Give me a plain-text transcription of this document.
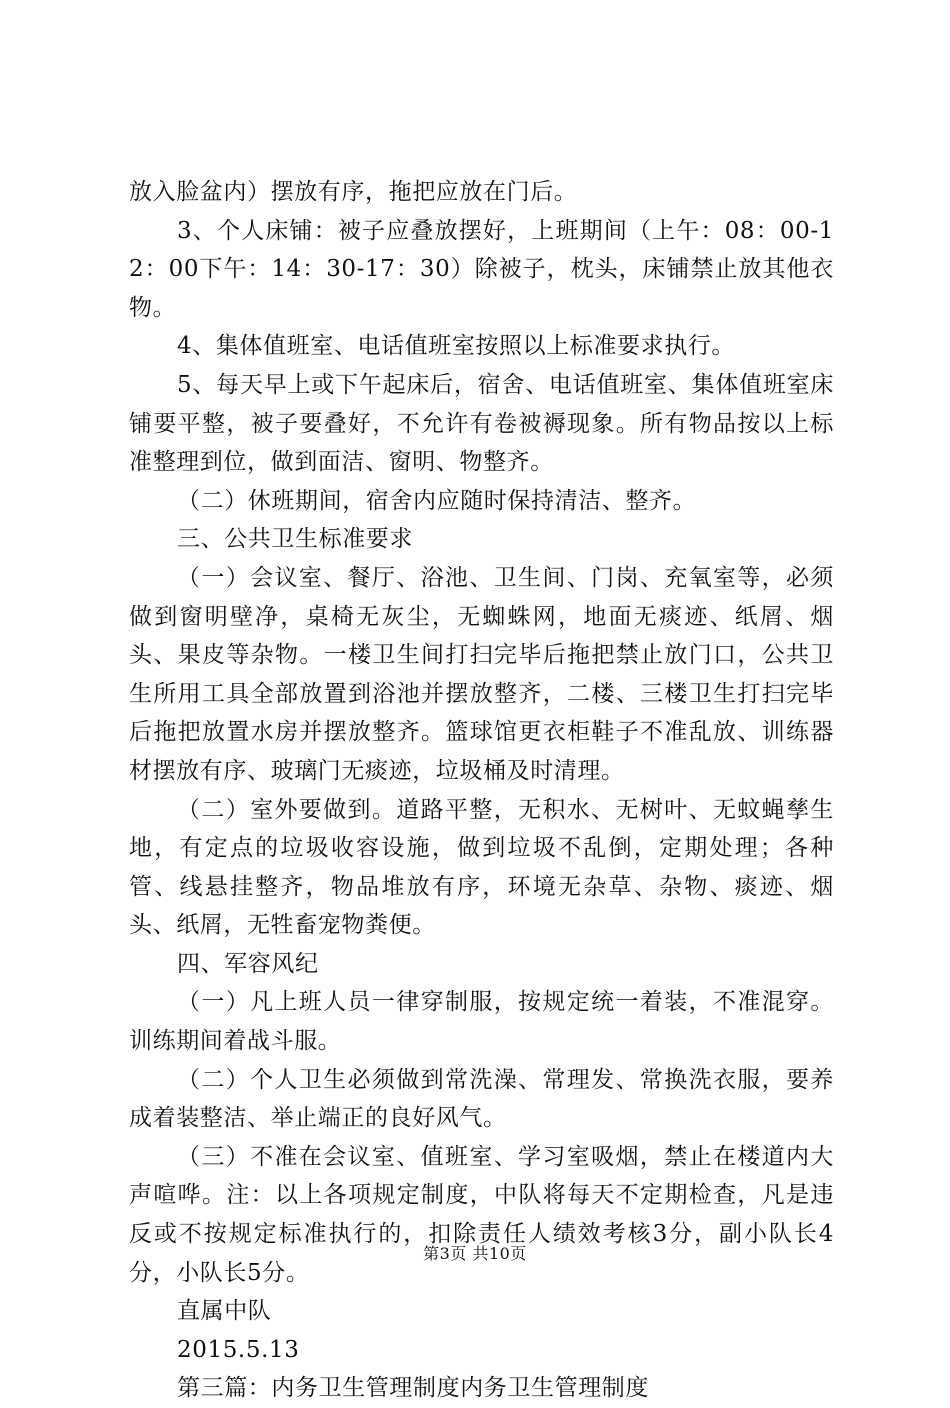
放入脸盆内）摆放有序，拖把应放在门后。

3、个人床铺：被子应叠放摆好，上班期间（上午：08：00-12：00下午：14：30-17：30）除被子，枕头，床铺禁止放其他衣物。

4、集体值班室、电话值班室按照以上标准要求执行。

5、每天早上或下午起床后，宿舍、电话值班室、集体值班室床铺要平整，被子要叠好，不允许有卷被褥现象。所有物品按以上标准整理到位，做到面洁、窗明、物整齐。

（二）休班期间，宿舍内应随时保持清洁、整齐。

三、公共卫生标准要求

（一）会议室、餐厅、浴池、卫生间、门岗、充氧室等，必须做到窗明壁净，桌椅无灰尘，无蜘蛛网，地面无痰迹、纸屑、烟头、果皮等杂物。一楼卫生间打扫完毕后拖把禁止放门口，公共卫生所用工具全部放置到浴池并摆放整齐，二楼、三楼卫生打扫完毕后拖把放置水房并摆放整齐。篮球馆更衣柜鞋子不准乱放、训练器材摆放有序、玻璃门无痰迹，垃圾桶及时清理。

（二）室外要做到。道路平整，无积水、无树叶、无蚊蝇孳生地，有定点的垃圾收容设施，做到垃圾不乱倒，定期处理；各种管、线悬挂整齐，物品堆放有序，环境无杂草、杂物、痰迹、烟头、纸屑，无牲畜宠物粪便。

四、军容风纪

（一）凡上班人员一律穿制服，按规定统一着装，不准混穿。训练期间着战斗服。

（二）个人卫生必须做到常洗澡、常理发、常换洗衣服，要养成着装整洁、举止端正的良好风气。

（三）不准在会议室、值班室、学习室吸烟，禁止在楼道内大声喧哗。注：以上各项规定制度，中队将每天不定期检查，凡是违反或不按规定标准执行的，扣除责任人绩效考核3分，副小队长4分，小队长5分。

直属中队

2015.5.13

第三篇：内务卫生管理制度内务卫生管理制度

第3页 共10页
